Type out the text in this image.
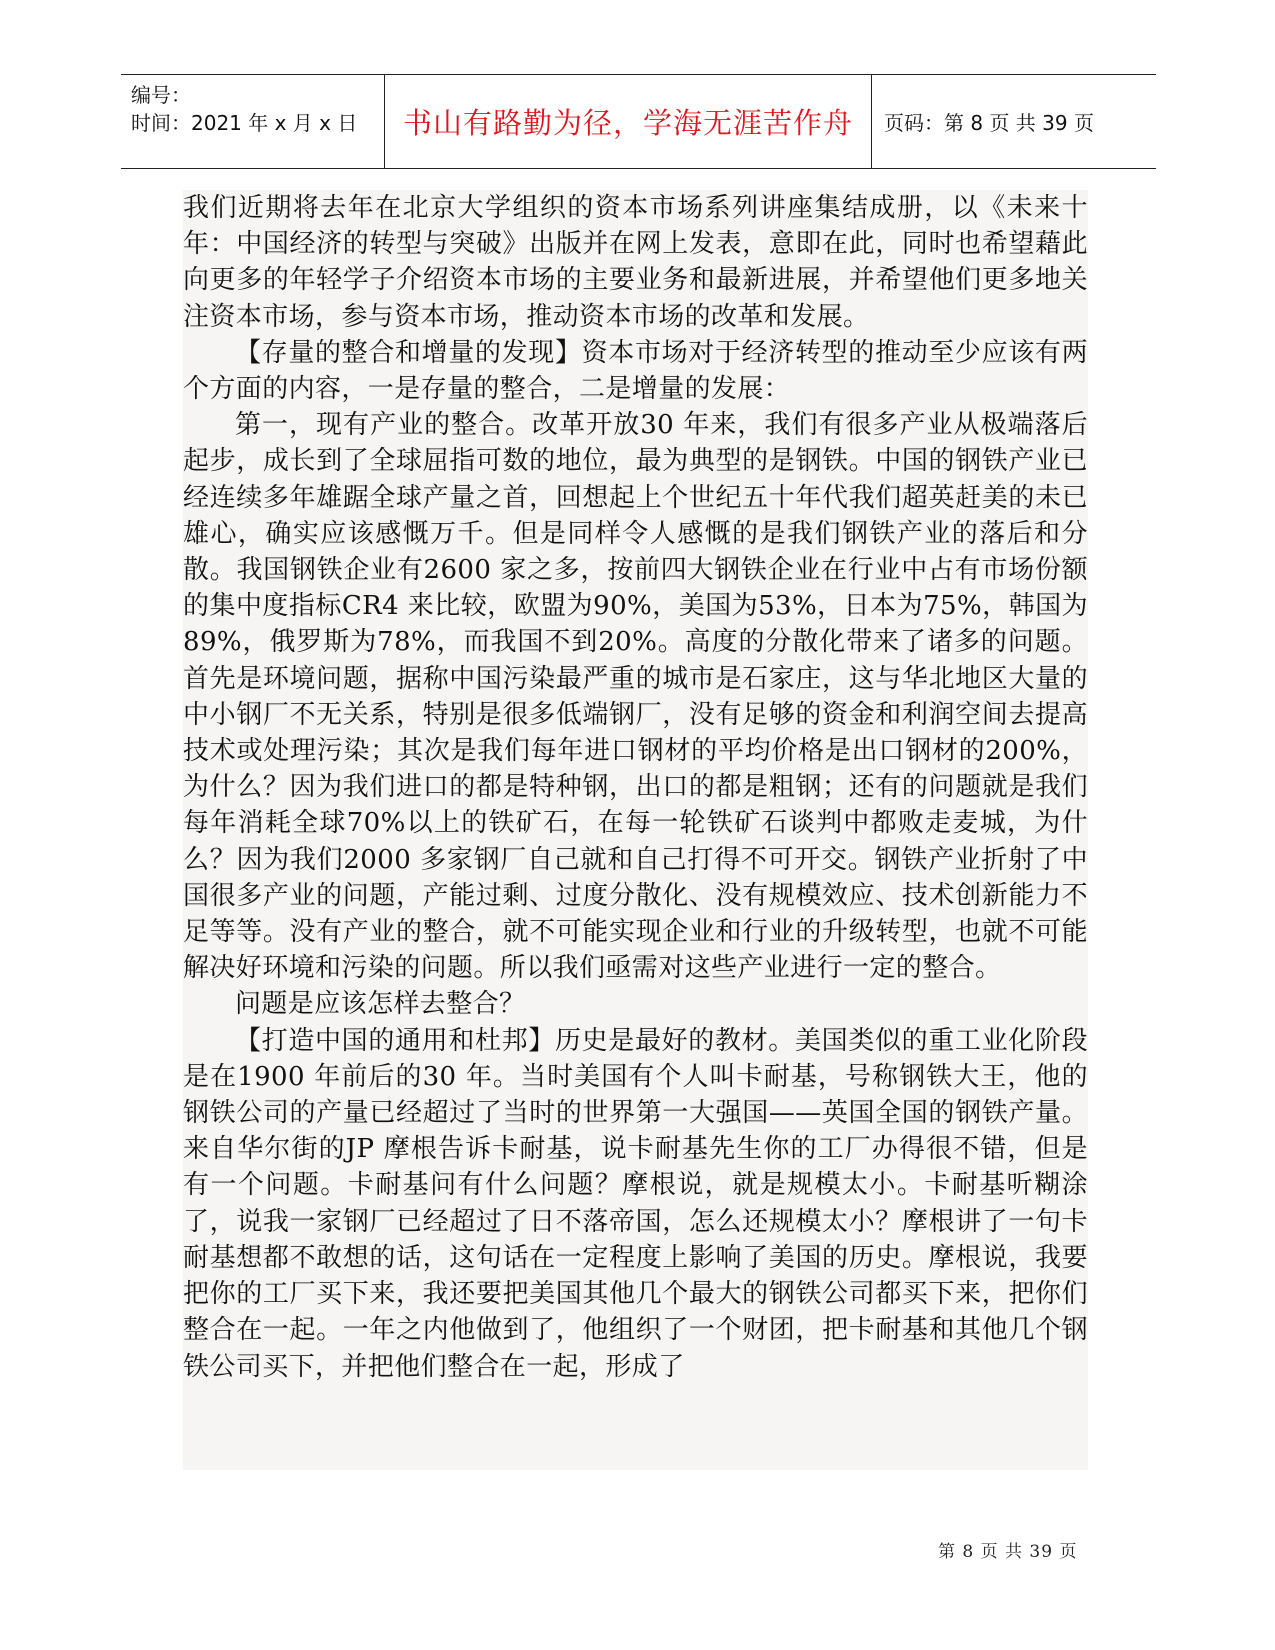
编号：
时间：2021 年 x 月 x 日	书山有路勤为径，学海无涯苦作舟 页码：第 8 页 共 39 页

我们近期将去年在北京大学组织的资本市场系列讲座集结成册，以《未来十年：中国经济的转型与突破》出版并在网上发表，意即在此，同时也希望藉此向更多的年轻学子介绍资本市场的主要业务和最新进展，并希望他们更多地关注资本市场，参与资本市场，推动资本市场的改革和发展。

【存量的整合和增量的发现】资本市场对于经济转型的推动至少应该有两个方面的内容，一是存量的整合，二是增量的发展：

第一，现有产业的整合。改革开放30 年来，我们有很多产业从极端落后起步，成长到了全球屈指可数的地位，最为典型的是钢铁。中国的钢铁产业已经连续多年雄踞全球产量之首，回想起上个世纪五十年代我们超英赶美的未已雄心，确实应该感慨万千。但是同样令人感慨的是我们钢铁产业的落后和分散。我国钢铁企业有2600 家之多，按前四大钢铁企业在行业中占有市场份额的集中度指标CR4 来比较，欧盟为90%，美国为53%，日本为75%，韩国为89%，俄罗斯为78%，而我国不到20%。高度的分散化带来了诸多的问题。首先是环境问题，据称中国污染最严重的城市是石家庄，这与华北地区大量的中小钢厂不无关系，特别是很多低端钢厂，没有足够的资金和利润空间去提高技术或处理污染；其次是我们每年进口钢材的平均价格是出口钢材的200%，为什么？因为我们进口的都是特种钢，出口的都是粗钢；还有的问题就是我们每年消耗全球70%以上的铁矿石，在每一轮铁矿石谈判中都败走麦城，为什么？因为我们2000 多家钢厂自己就和自己打得不可开交。钢铁产业折射了中国很多产业的问题，产能过剩、过度分散化、没有规模效应、技术创新能力不足等等。没有产业的整合，就不可能实现企业和行业的升级转型，也就不可能解决好环境和污染的问题。所以我们亟需对这些产业进行一定的整合。

问题是应该怎样去整合？

【打造中国的通用和杜邦】历史是最好的教材。美国类似的重工业化阶段是在1900 年前后的30 年。当时美国有个人叫卡耐基，号称钢铁大王，他的钢铁公司的产量已经超过了当时的世界第一大强国——英国全国的钢铁产量。来自华尔街的JP 摩根告诉卡耐基，说卡耐基先生你的工厂办得很不错，但是有一个问题。卡耐基问有什么问题？摩根说，就是规模太小。卡耐基听糊涂了，说我一家钢厂已经超过了日不落帝国，怎么还规模太小？摩根讲了一句卡耐基想都不敢想的话，这句话在一定程度上影响了美国的历史。摩根说，我要把你的工厂买下来，我还要把美国其他几个最大的钢铁公司都买下来，把你们整合在一起。一年之内他做到了，他组织了一个财团，把卡耐基和其他几个钢铁公司买下，并把他们整合在一起，形成了

第 8 页 共 39 页
